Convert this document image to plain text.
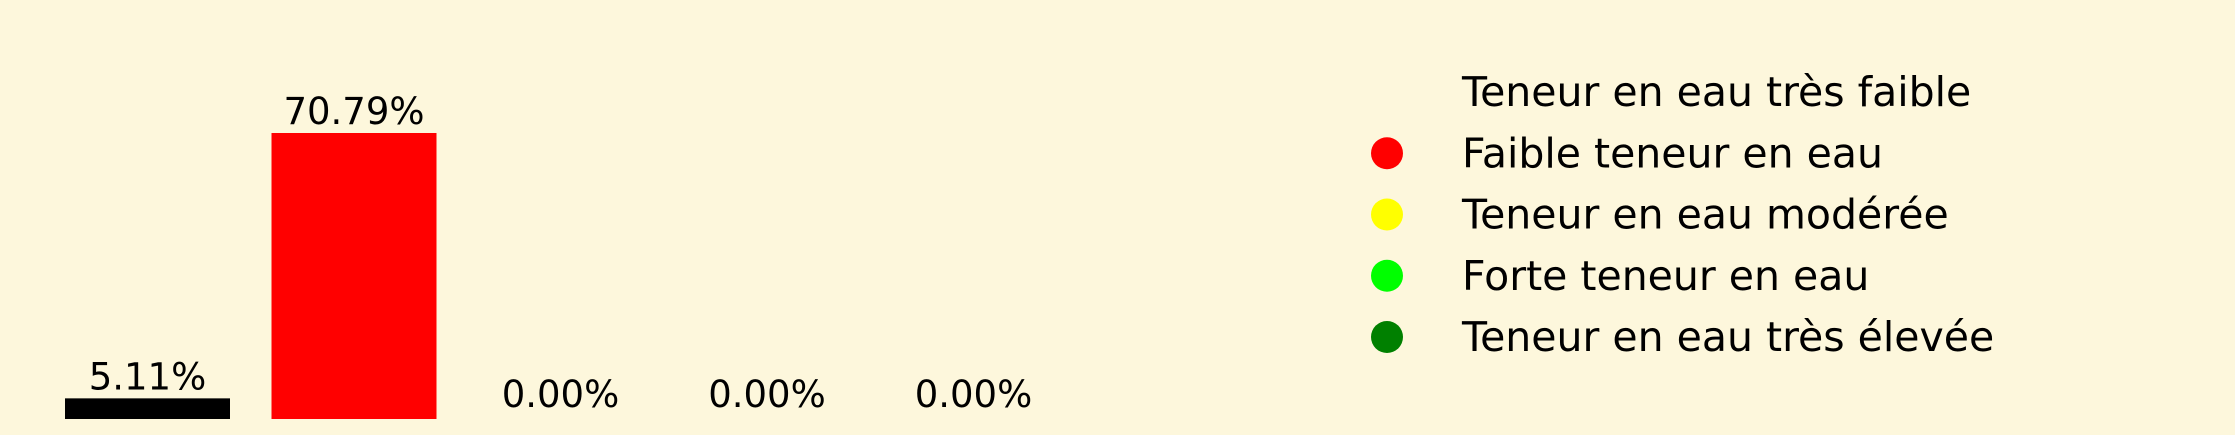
5.11%
70.79%
0.00% 0.00% 0.00%
Teneur en eau très faible
Faible teneur en eau
Teneur en eau modérée
Forte teneur en eau
Teneur en eau très élevée
